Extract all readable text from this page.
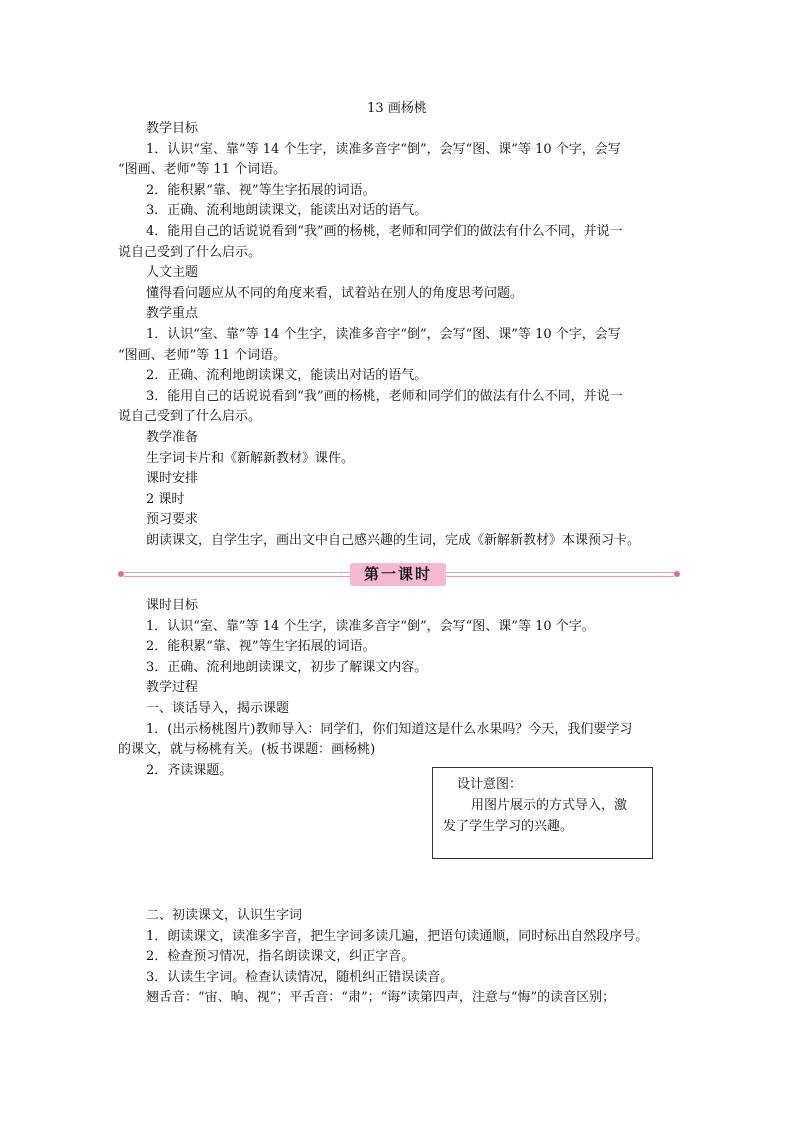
13 画杨桃
教学目标
1．认识“室、靠”等 14 个生字，读准多音字“倒”，会写“图、课”等 10 个字，会写
“图画、老师”等 11 个词语。
2．能积累“靠、视”等生字拓展的词语。
3．正确、流利地朗读课文，能读出对话的语气。
4．能用自己的话说说看到“我”画的杨桃，老师和同学们的做法有什么不同，并说一
说自己受到了什么启示。
人文主题
懂得看问题应从不同的角度来看，试着站在别人的角度思考问题。
教学重点
1．认识“室、靠”等 14 个生字，读准多音字“倒”，会写“图、课”等 10 个字，会写
“图画、老师”等 11 个词语。
2．正确、流利地朗读课文，能读出对话的语气。
3．能用自己的话说说看到“我”画的杨桃，老师和同学们的做法有什么不同，并说一
说自己受到了什么启示。
教学准备
生字词卡片和《新解新教材》课件。
课时安排
2 课时
预习要求
朗读课文，自学生字，画出文中自己感兴趣的生词，完成《新解新教材》本课预习卡。
第一课时
课时目标
1．认识“室、靠”等 14 个生字，读准多音字“倒”，会写“图、课”等 10 个字。
2．能积累“靠、视”等生字拓展的词语。
3．正确、流利地朗读课文，初步了解课文内容。
教学过程
一、谈话导入，揭示课题
1．(出示杨桃图片)教师导入：同学们，你们知道这是什么水果吗？今天，我们要学习
的课文，就与杨桃有关。(板书课题：画杨桃)
2．齐读课题。
设计意图：
用图片展示的方式导入，激
发了学生学习的兴趣。
二、初读课文，认识生字词
1．朗读课文，读准多字音，把生字词多读几遍，把语句读通顺，同时标出自然段序号。
2．检查预习情况，指名朗读课文，纠正字音。
3．认读生字词。检查认读情况，随机纠正错误读音。
翘舌音：“宙、晌、视”；平舌音：“肃”；“诲”读第四声，注意与“悔”的读音区别；
